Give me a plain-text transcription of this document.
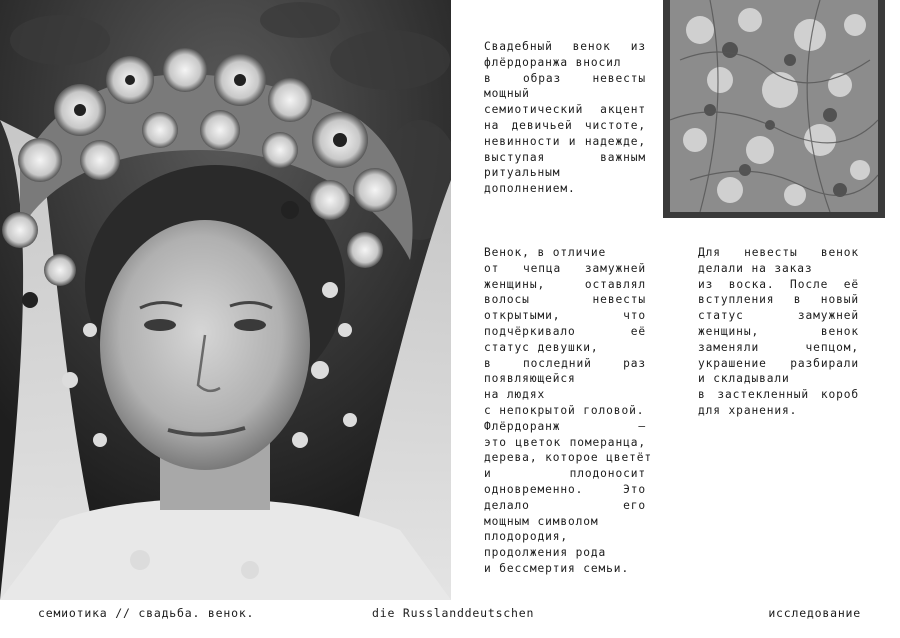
Свадебный венок из
флёрдоранжа вносил
в образ невесты
мощный
семиотический акцент
на девичьей чистоте,
невинности и надежде,
выступая важным
ритуальным
дополнением.
Венок, в отличие
от чепца замужней
женщины, оставлял
волосы невесты
открытыми, что
подчёркивало её
статус девушки,
в последний раз
появляющейся
на людях
с непокрытой головой.
Флёрдоранж —
это цветок померанца,
дерева, которое цветёт
и плодоносит
одновременно. Это
делало его
мощным символом
плодородия,
продолжения рода
и бессмертия семьи.
Для невесты венок
делали на заказ
из воска. После её
вступления в новый
статус замужней
женщины, венок
заменяли чепцом,
украшение разбирали
и складывали
в застекленный короб
для хранения.
семиотика // свадьба. венок.	die Russlanddeutschen	исследование
